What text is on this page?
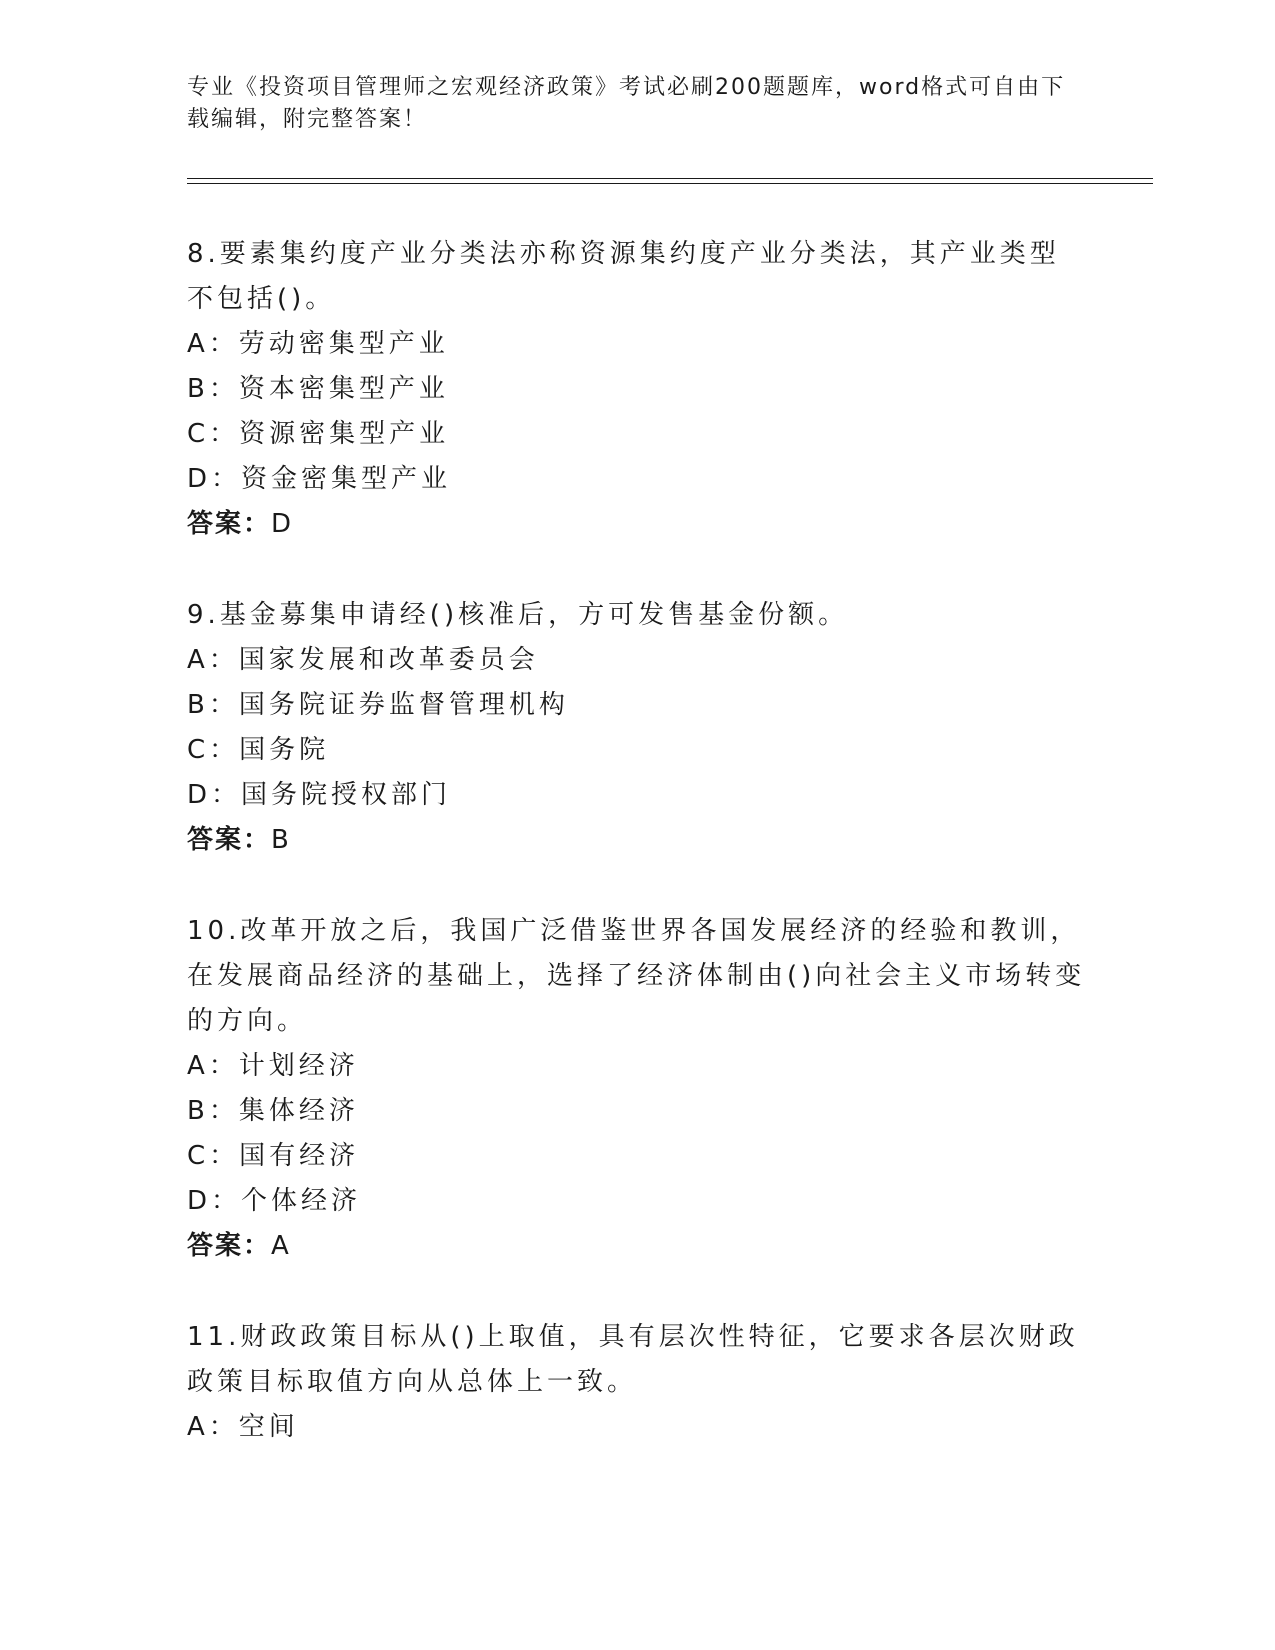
专业《投资项目管理师之宏观经济政策》考试必刷200题题库，word格式可自由下载编辑，附完整答案！

8.要素集约度产业分类法亦称资源集约度产业分类法，其产业类型不包括()。

A：劳动密集型产业

B：资本密集型产业

C：资源密集型产业

D：资金密集型产业

答案：D

9.基金募集申请经()核准后，方可发售基金份额。

A：国家发展和改革委员会

B：国务院证券监督管理机构

C：国务院

D：国务院授权部门

答案：B

10.改革开放之后，我国广泛借鉴世界各国发展经济的经验和教训，在发展商品经济的基础上，选择了经济体制由()向社会主义市场转变的方向。

A：计划经济

B：集体经济

C：国有经济

D：个体经济

答案：A

11.财政政策目标从()上取值，具有层次性特征，它要求各层次财政政策目标取值方向从总体上一致。

A：空间
